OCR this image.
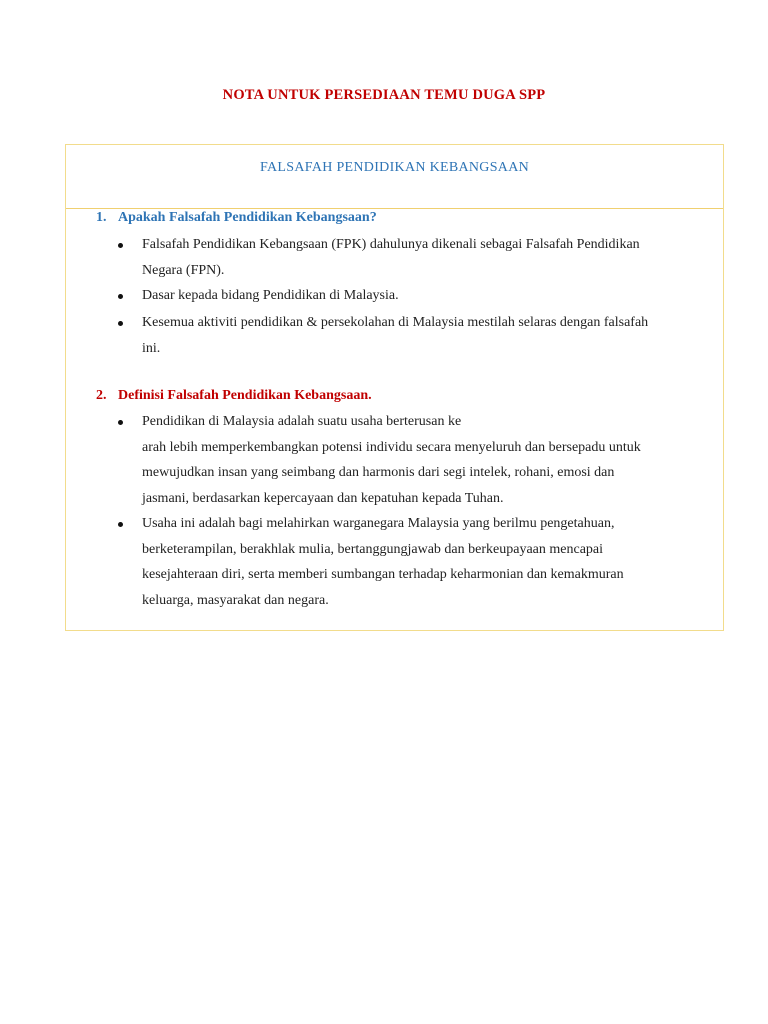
NOTA UNTUK PERSEDIAAN TEMU DUGA SPP
FALSAFAH PENDIDIKAN KEBANGSAAN
1. Apakah Falsafah Pendidikan Kebangsaan?
Falsafah Pendidikan Kebangsaan (FPK) dahulunya dikenali sebagai Falsafah Pendidikan
Negara (FPN).
Dasar kepada bidang Pendidikan di Malaysia.
Kesemua aktiviti pendidikan & persekolahan di Malaysia mestilah selaras dengan falsafah
ini.
2. Definisi Falsafah Pendidikan Kebangsaan.
Pendidikan di Malaysia adalah suatu usaha berterusan ke
arah lebih memperkembangkan potensi individu secara menyeluruh dan bersepadu untuk
mewujudkan insan yang seimbang dan harmonis dari segi intelek, rohani, emosi dan
jasmani, berdasarkan kepercayaan dan kepatuhan kepada Tuhan.
Usaha ini adalah bagi melahirkan warganegara Malaysia yang berilmu pengetahuan,
berketerampilan, berakhlak mulia, bertanggungjawab dan berkeupayaan mencapai
kesejahteraan diri, serta memberi sumbangan terhadap keharmonian dan kemakmuran
keluarga, masyarakat dan negara.
